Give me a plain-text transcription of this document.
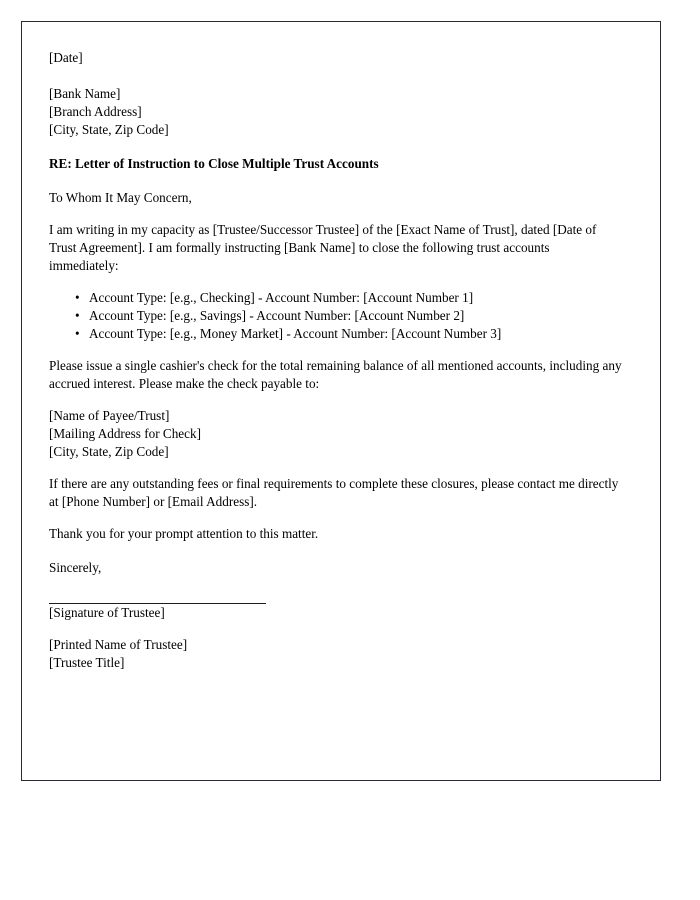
[Date]
[Bank Name]
[Branch Address]
[City, State, Zip Code]
RE: Letter of Instruction to Close Multiple Trust Accounts
To Whom It May Concern,

I am writing in my capacity as [Trustee/Successor Trustee] of the [Exact Name of Trust], dated [Date of Trust Agreement]. I am formally instructing [Bank Name] to close the following trust accounts immediately:

• Account Type: [e.g., Checking] - Account Number: [Account Number 1]
• Account Type: [e.g., Savings] - Account Number: [Account Number 2]
• Account Type: [e.g., Money Market] - Account Number: [Account Number 3]

Please issue a single cashier's check for the total remaining balance of all mentioned accounts, including any accrued interest. Please make the check payable to:

[Name of Payee/Trust]
[Mailing Address for Check]
[City, State, Zip Code]

If there are any outstanding fees or final requirements to complete these closures, please contact me directly at [Phone Number] or [Email Address].

Thank you for your prompt attention to this matter.
Sincerely,
[Signature of Trustee]
[Printed Name of Trustee]
[Trustee Title]
